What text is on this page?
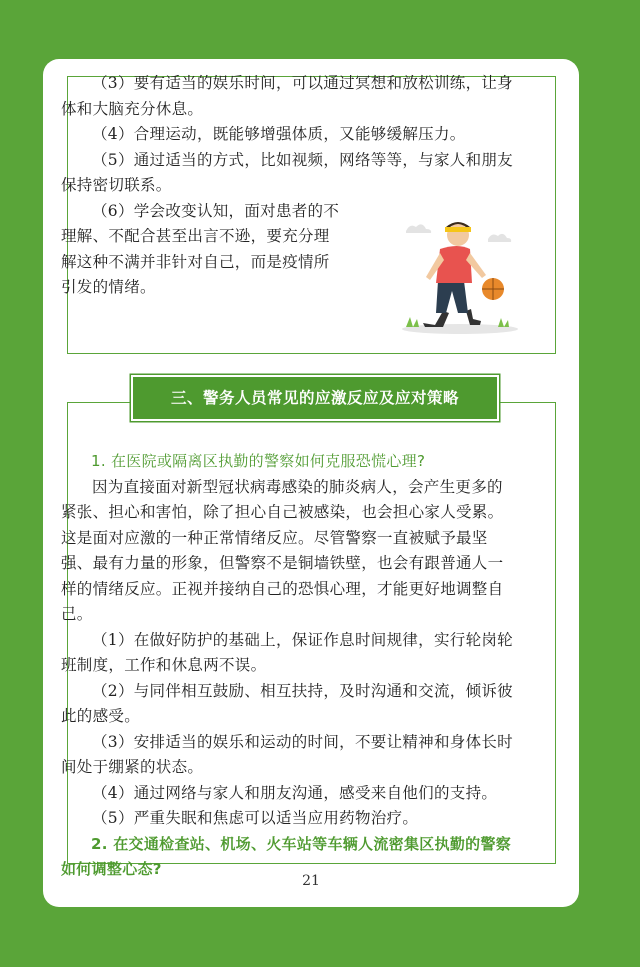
（3）要有适当的娱乐时间，可以通过冥想和放松训练，让身体和大脑充分休息。

（4）合理运动，既能够增强体质，又能够缓解压力。

（5）通过适当的方式，比如视频，网络等等，与家人和朋友保持密切联系。

（6）学会改变认知，面对患者的不理解、不配合甚至出言不逊，要充分理解这种不满并非针对自己，而是疫情所引发的情绪。

三、警务人员常见的应激反应及应对策略

1. 在医院或隔离区执勤的警察如何克服恐慌心理?

因为直接面对新型冠状病毒感染的肺炎病人，会产生更多的紧张、担心和害怕，除了担心自己被感染，也会担心家人受累。这是面对应激的一种正常情绪反应。尽管警察一直被赋予最坚强、最有力量的形象，但警察不是铜墙铁壁，也会有跟普通人一样的情绪反应。正视并接纳自己的恐惧心理，才能更好地调整自己。

（1）在做好防护的基础上，保证作息时间规律，实行轮岗轮班制度，工作和休息两不误。

（2）与同伴相互鼓励、相互扶持，及时沟通和交流，倾诉彼此的感受。

（3）安排适当的娱乐和运动的时间，不要让精神和身体长时间处于绷紧的状态。

（4）通过网络与家人和朋友沟通，感受来自他们的支持。

（5）严重失眠和焦虑可以适当应用药物治疗。

2. 在交通检查站、机场、火车站等车辆人流密集区执勤的警察如何调整心态?

21
